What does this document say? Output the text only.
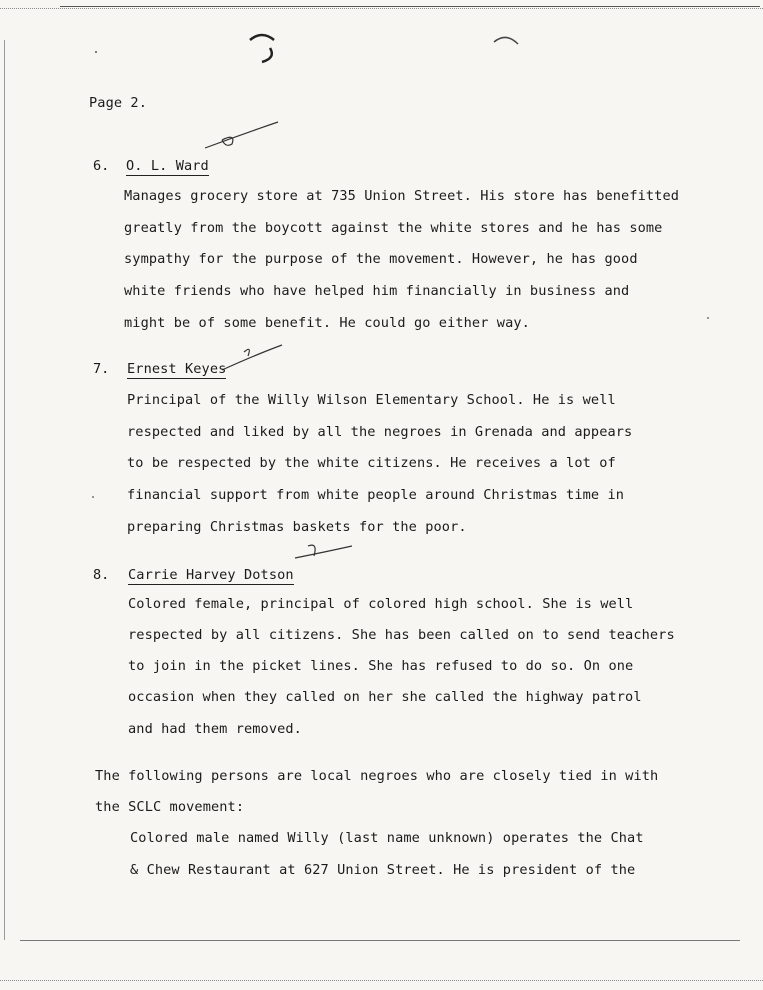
Page 2.
6. O. L. Ward
Manages grocery store at 735 Union Street. His store has benefitted
greatly from the boycott against the white stores and he has some
sympathy for the purpose of the movement. However, he has good
white friends who have helped him financially in business and
might be of some benefit. He could go either way.
7. Ernest Keyes
Principal of the Willy Wilson Elementary School. He is well
respected and liked by all the negroes in Grenada and appears
to be respected by the white citizens. He receives a lot of
financial support from white people around Christmas time in
preparing Christmas baskets for the poor.
8. Carrie Harvey Dotson
Colored female, principal of colored high school. She is well
respected by all citizens. She has been called on to send teachers
to join in the picket lines. She has refused to do so. On one
occasion when they called on her she called the highway patrol
and had them removed.
The following persons are local negroes who are closely tied in with
the SCLC movement:
Colored male named Willy (last name unknown) operates the Chat
& Chew Restaurant at 627 Union Street. He is president of the
